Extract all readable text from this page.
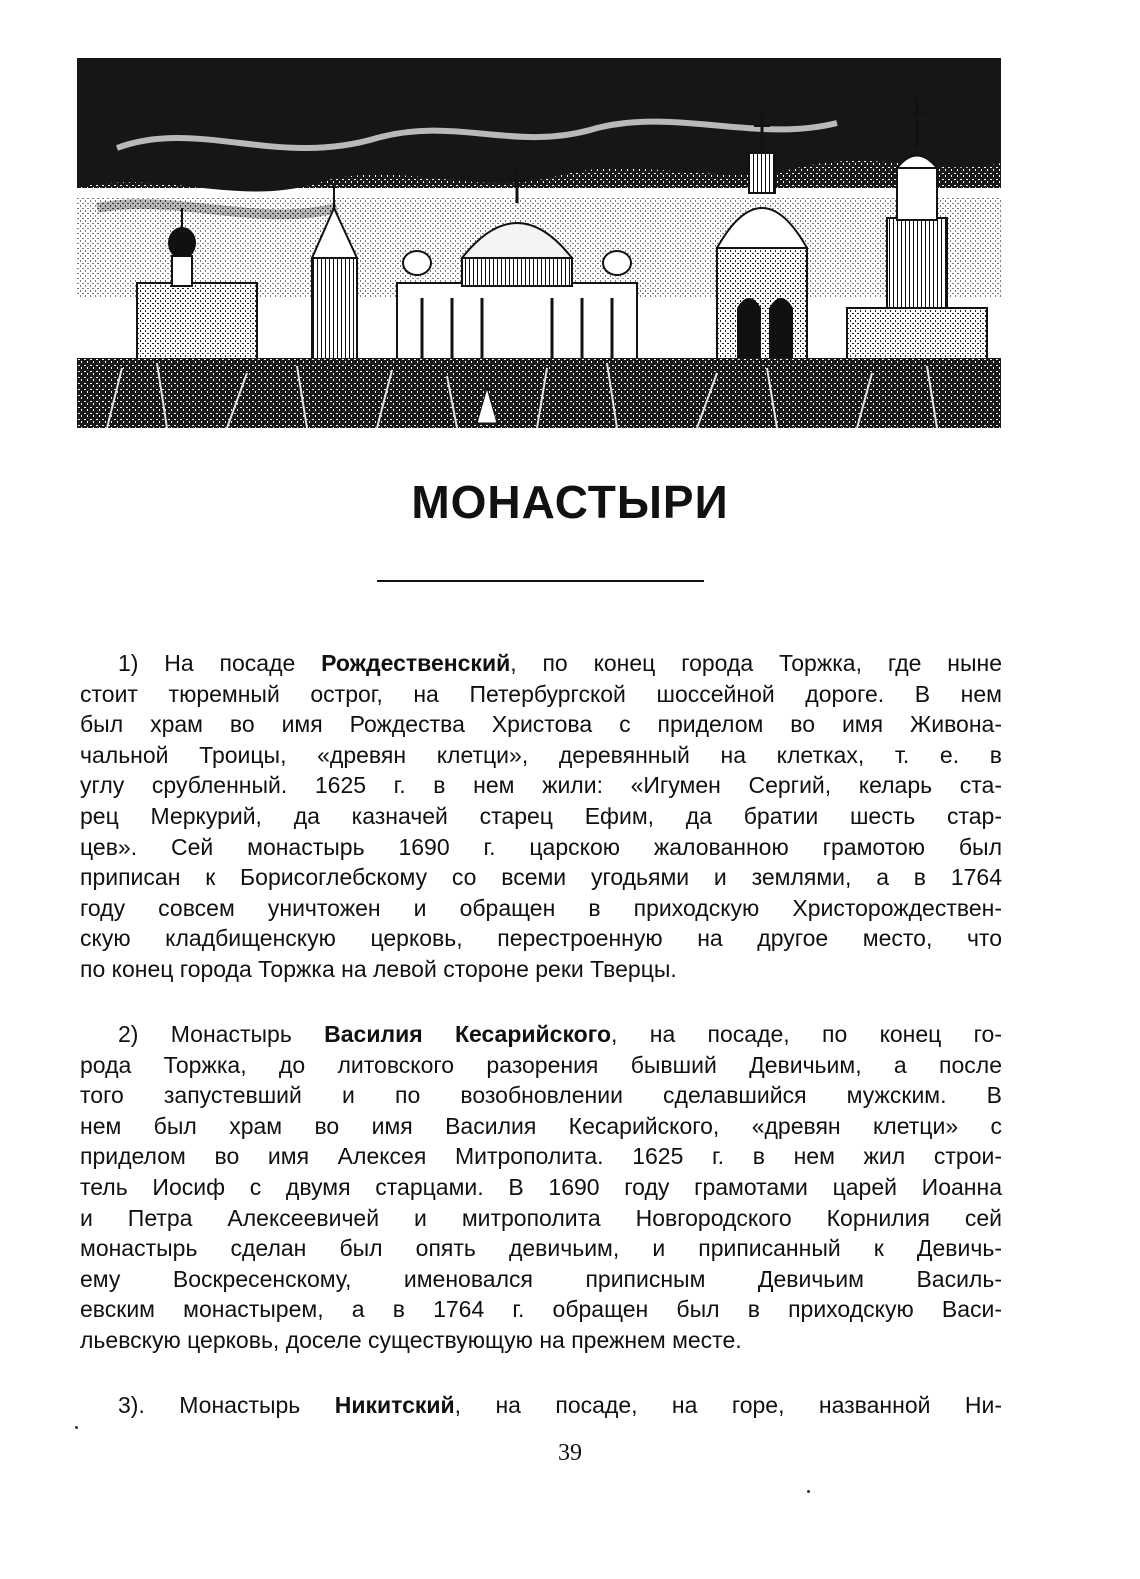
МОНАСТЫРИ
1) На посаде Рождественский, по конец города Торжка, где ныне
стоит тюремный острог, на Петербургской шоссейной дороге. В нем
был храм во имя Рождества Христова с приделом во имя Живона-
чальной Троицы, «древян клетци», деревянный на клетках, т. е. в
углу срубленный. 1625 г. в нем жили: «Игумен Сергий, келарь ста-
рец Меркурий, да казначей старец Ефим, да братии шесть стар-
цев». Сей монастырь 1690 г. царскою жалованною грамотою был
приписан к Борисоглебскому со всеми угодьями и землями, а в 1764
году совсем уничтожен и обращен в приходскую Христорождествен-
скую кладбищенскую церковь, перестроенную на другое место, что
по конец города Торжка на левой стороне реки Тверцы.
2) Монастырь Василия Кесарийского, на посаде, по конец го-
рода Торжка, до литовского разорения бывший Девичьим, а после
того запустевший и по возобновлении сделавшийся мужским. В
нем был храм во имя Василия Кесарийского, «древян клетци» с
приделом во имя Алексея Митрополита. 1625 г. в нем жил строи-
тель Иосиф с двумя старцами. В 1690 году грамотами царей Иоанна
и Петра Алексеевичей и митрополита Новгородского Корнилия сей
монастырь сделан был опять девичьим, и приписанный к Девичь-
ему Воскресенскому, именовался приписным Девичьим Василь-
евским монастырем, а в 1764 г. обращен был в приходскую Васи-
льевскую церковь, доселе существующую на прежнем месте.
3). Монастырь Никитский, на посаде, на горе, названной Ни-
39
